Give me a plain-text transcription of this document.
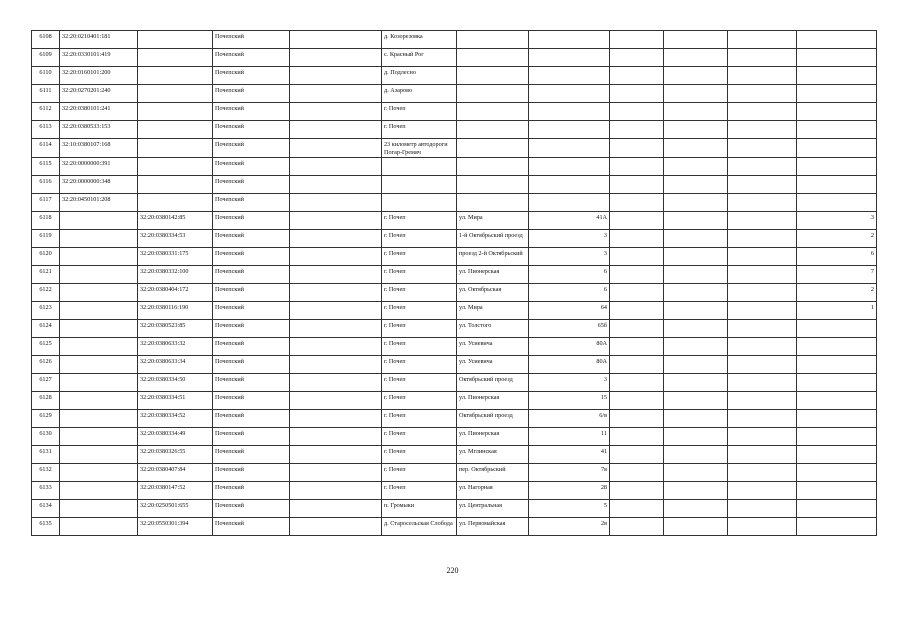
6108	32:20:0210401:181		Почепский		д. Козорезовка						
6109	32:20:0330101:419		Почепский		с. Красный Рог						
6110	32:20:0160101:200		Почепский		д. Подлесно						
6111	32:20:0270201:240		Почепский		д. Азарово						
6112	32:20:0380101:241		Почепский		г. Почеп						
6113	32:20:0380533:153		Почепский		г. Почеп						
6114	32:10:0380107:168		Почепский		23 километр автодороги Погар-Гремяч						
6115	32:20:0000000:391		Почепский								
6116	32:20:0000000:348		Почепский								
6117	32:20:0450101:208		Почепский								
6118		32:20:0380142:85	Почепский		г. Почеп	ул. Мира	41А				3
6119		32:20:0380334:53	Почепский		г. Почеп	1-й Октябрьский проезд	3				2
6120		32:20:0380331:175	Почепский		г. Почеп	проезд 2-й Октябрьский	3				6
6121		32:20:0380332:100	Почепский		г. Почеп	ул. Пионерская	6				7
6122		32:20:0380404:172	Почепский		г. Почеп	ул. Октябрьская	6				2
6123		32:20:0380116:190	Почепский		г. Почеп	ул. Мира	64				1
6124		32:20:0380523:85	Почепский		г. Почеп	ул. Толстого	65б				
6125		32:20:0380633:32	Почепский		г. Почеп	ул. Усиевича	80А				
6126		32:20:0380633:34	Почепский		г. Почеп	ул. Усиевича	80А				
6127		32:20:0380334:50	Почепский		г. Почеп	Октябрьский проезд	3				
6128		32:20:0380334:51	Почепский		г. Почеп	ул. Пионерская	15				
6129		32:20:0380334:52	Почепский		г. Почеп	Октябрьский проезд	6/в				
6130		32:20:0380334:49	Почепский		г. Почеп	ул. Пионерская	11				
6131		32:20:0380326:55	Почепский		г. Почеп	ул. Мглинская	41				
6132		32:20:0380407:84	Почепский		г. Почеп	пер. Октябрьский	7в				
6133		32:20:0380147:52	Почепский		г. Почеп	ул. Нагорная	28				
6134		32:20:0250501:655	Почепский		п. Громыки	ул. Центральная	5				
6135		32:20:0550301:394	Почепский		д. Старосельская Слобода	ул. Первомайская	2в				
220
